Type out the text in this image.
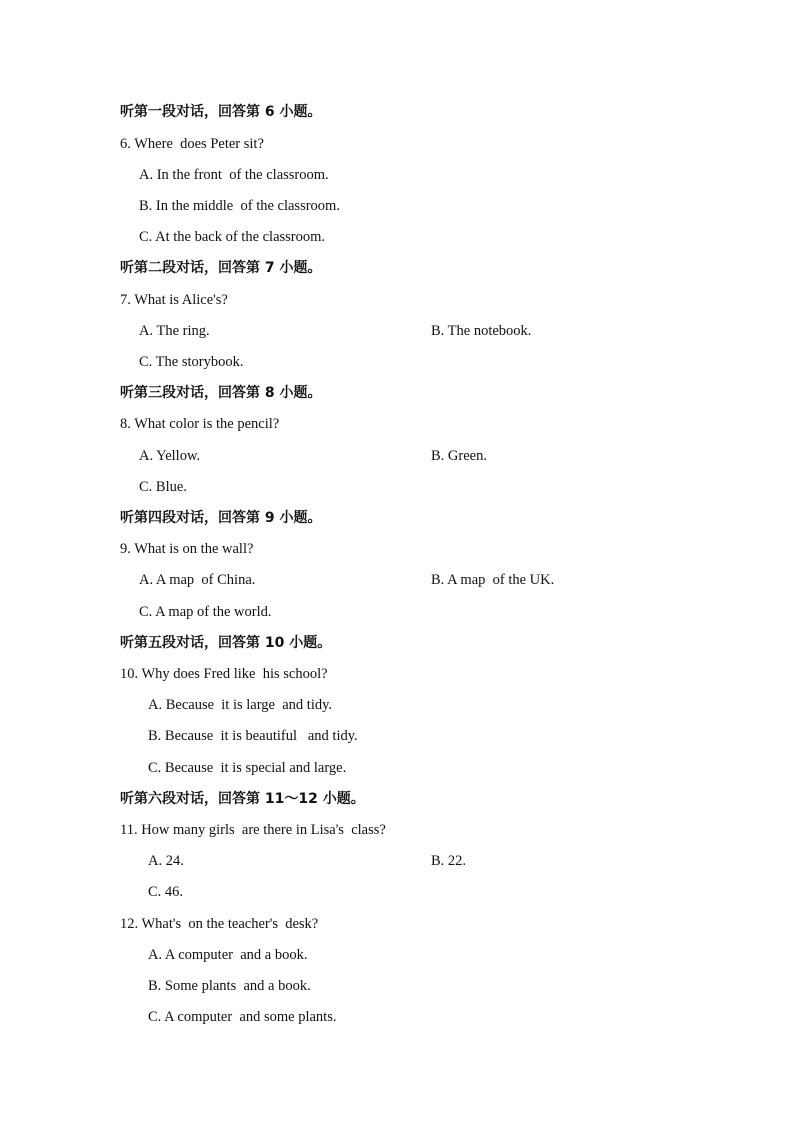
听第一段对话，回答第 6 小题。
6. Where  does Peter sit?
A. In the front  of the classroom.
B. In the middle  of the classroom.
C. At the back of the classroom.
听第二段对话，回答第 7 小题。
7. What is Alice's?
A. The ring.	B. The notebook.
C. The storybook.
听第三段对话，回答第 8 小题。
8. What color is the pencil?
A. Yellow.	B. Green.
C. Blue.
听第四段对话，回答第 9 小题。
9. What is on the wall?
A. A map  of China.	B. A map  of the UK.
C. A map of the world.
听第五段对话，回答第 10 小题。
10. Why does Fred like  his school?
A. Because  it is large  and tidy.
B. Because  it is beautiful   and tidy.
C. Because  it is special and large.
听第六段对话，回答第 11～12 小题。
11. How many girls  are there in Lisa's  class?
A. 24.	B. 22.
C. 46.
12. What's  on the teacher's  desk?
A. A computer  and a book.
B. Some plants  and a book.
C. A computer  and some plants.
